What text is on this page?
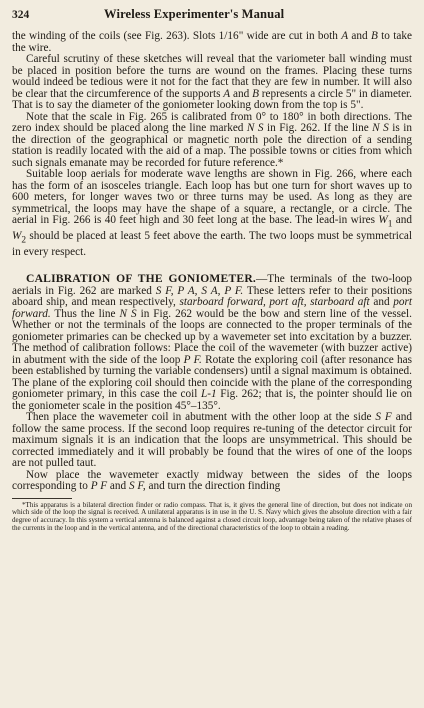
324	Wireless Experimenter's Manual

the winding of the coils (see Fig. 263). Slots 1/16" wide are cut in both A and B to take the wire.

Careful scrutiny of these sketches will reveal that the variometer ball winding must be placed in position before the turns are wound on the frames. Placing these turns would indeed be tedious were it not for the fact that they are few in number. It will also be clear that the circumference of the supports A and B represents a circle 5" in diameter. That is to say the diameter of the goniometer looking down from the top is 5".

Note that the scale in Fig. 265 is calibrated from 0° to 180° in both directions. The zero index should be placed along the line marked N S in Fig. 262. If the line N S is in the direction of the geographical or magnetic north pole the direction of a sending station is readily located with the aid of a map. The possible towns or cities from which such signals emanate may be recorded for future reference.*

Suitable loop aerials for moderate wave lengths are shown in Fig. 266, where each has the form of an isosceles triangle. Each loop has but one turn for short waves up to 600 meters, for longer waves two or three turns may be used. As long as they are symmetrical, the loops may have the shape of a square, a rectangle, or a circle. The aerial in Fig. 266 is 40 feet high and 30 feet long at the base. The lead-in wires $W_1$ and $W_2$ should be placed at least 5 feet above the earth. The two loops must be symmetrical in every respect.

CALIBRATION OF THE GONIOMETER.—The terminals of the two-loop aerials in Fig. 262 are marked S F, P A, S A, P F. These letters refer to their positions aboard ship, and mean respectively, starboard forward, port aft, starboard aft and port forward. Thus the line N S in Fig. 262 would be the bow and stern line of the vessel. Whether or not the terminals of the loops are connected to the proper terminals of the goniometer primaries can be checked up by a wavemeter set into excitation by a buzzer. The method of calibration follows: Place the coil of the wavemeter (with buzzer active) in abutment with the side of the loop P F. Rotate the exploring coil (after resonance has been established by turning the variable condensers) until a signal maximum is obtained. The plane of the exploring coil should then coincide with the plane of the corresponding goniometer primary, in this case the coil L-1 Fig. 262; that is, the pointer should lie on the goniometer scale in the position 45°–135°.

Then place the wavemeter coil in abutment with the other loop at the side S F and follow the same process. If the second loop requires re-tuning of the detector circuit for maximum signals it is an indication that the loops are unsymmetrical. This should be corrected immediately and it will probably be found that the wires of one of the loops are not pulled taut.

Now place the wavemeter exactly midway between the sides of the loops corresponding to P F and S F, and turn the direction finding

*This apparatus is a bilateral direction finder or radio compass. That is, it gives the general line of direction, but does not indicate on which side of the loop the signal is received. A unilateral apparatus is in use in the U. S. Navy which gives the absolute direction with a fair degree of accuracy. In this system a vertical antenna is balanced against a closed circuit loop, advantage being taken of the relative phases of the currents in the loop and in the vertical antenna, and of the directional characteristics of the loop to obtain a reading.
